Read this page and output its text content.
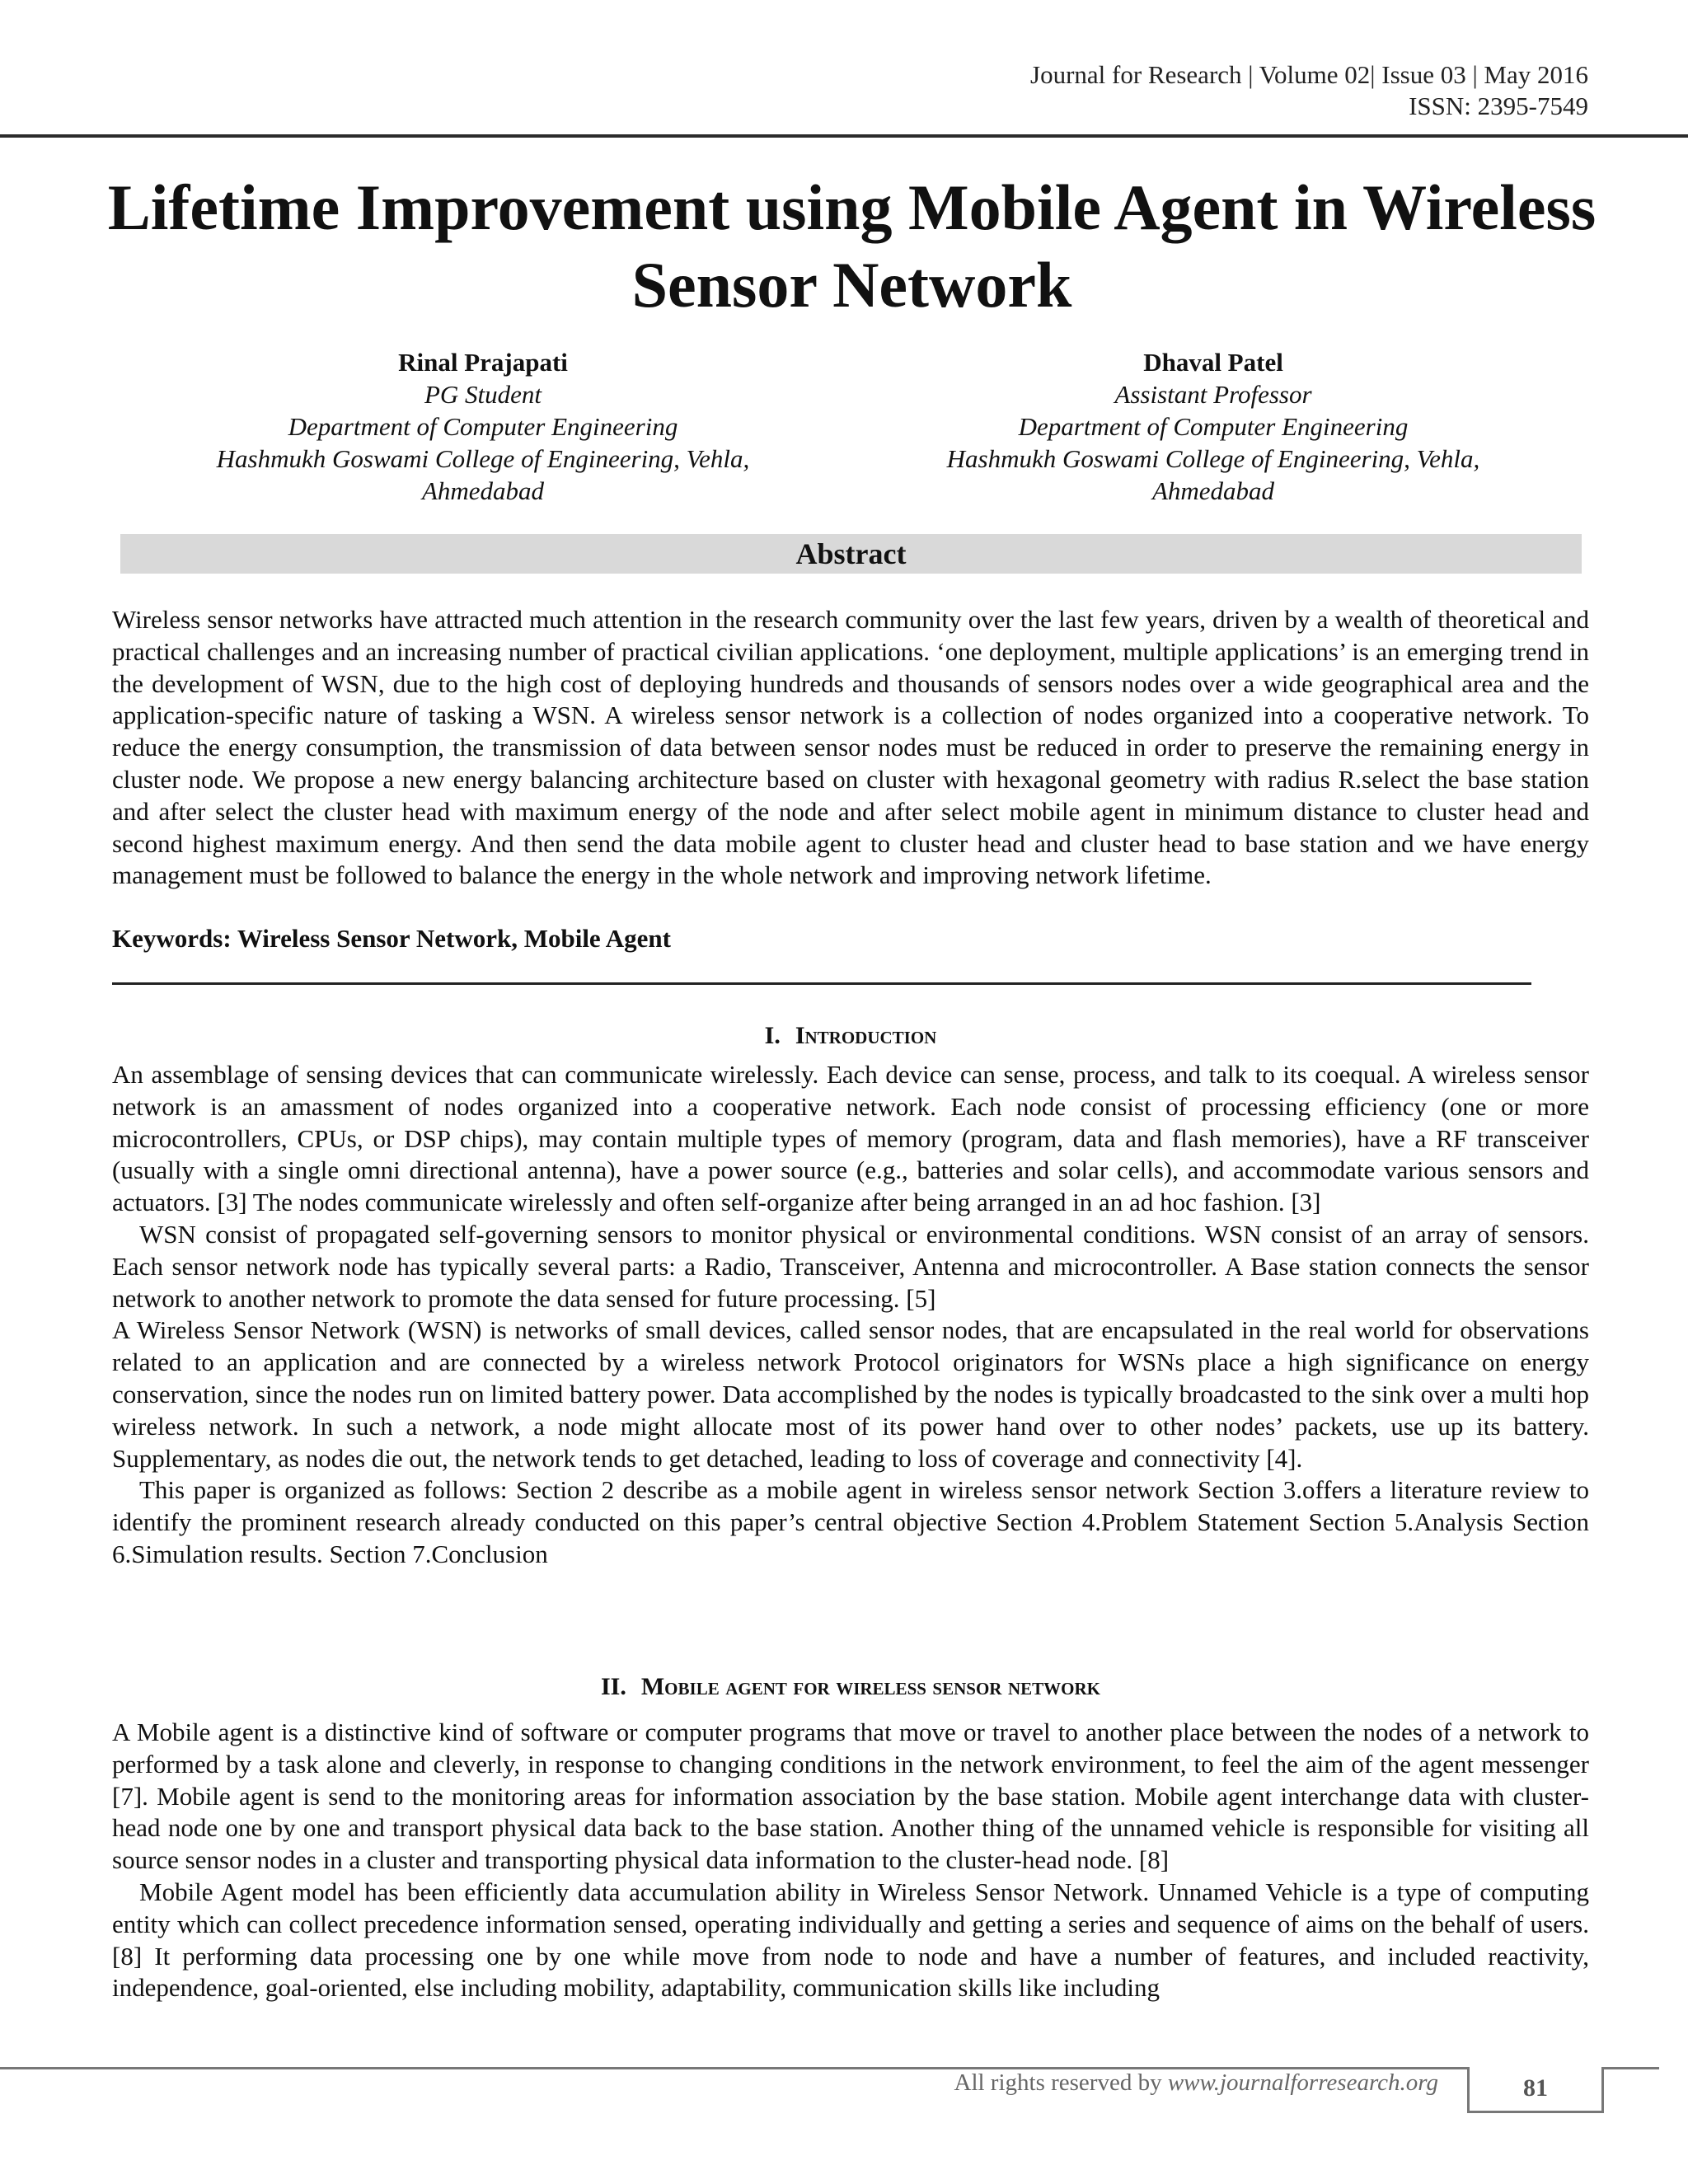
Journal for Research | Volume 02| Issue 03 | May 2016
ISSN: 2395-7549
Lifetime Improvement using Mobile Agent in Wireless Sensor Network
Rinal Prajapati
PG Student
Department of Computer Engineering
Hashmukh Goswami College of Engineering, Vehla,
Ahmedabad
Dhaval Patel
Assistant Professor
Department of Computer Engineering
Hashmukh Goswami College of Engineering, Vehla,
Ahmedabad
Abstract
Wireless sensor networks have attracted much attention in the research community over the last few years, driven by a wealth of theoretical and practical challenges and an increasing number of practical civilian applications. ‘one deployment, multiple applications’ is an emerging trend in the development of WSN, due to the high cost of deploying hundreds and thousands of sensors nodes over a wide geographical area and the application-specific nature of tasking a WSN. A wireless sensor network is a collection of nodes organized into a cooperative network. To reduce the energy consumption, the transmission of data between sensor nodes must be reduced in order to preserve the remaining energy in cluster node. We propose a new energy balancing architecture based on cluster with hexagonal geometry with radius R.select the base station and after select the cluster head with maximum energy of the node and after select mobile agent in minimum distance to cluster head and second highest maximum energy. And then send the data mobile agent to cluster head and cluster head to base station and we have energy management must be followed to balance the energy in the whole network and improving network lifetime.
Keywords: Wireless Sensor Network, Mobile Agent
I. Introduction

An assemblage of sensing devices that can communicate wirelessly. Each device can sense, process, and talk to its coequal. A wireless sensor network is an amassment of nodes organized into a cooperative network. Each node consist of processing efficiency (one or more microcontrollers, CPUs, or DSP chips), may contain multiple types of memory (program, data and flash memories), have a RF transceiver (usually with a single omni directional antenna), have a power source (e.g., batteries and solar cells), and accommodate various sensors and actuators. [3] The nodes communicate wirelessly and often self-organize after being arranged in an ad hoc fashion. [3]

WSN consist of propagated self-governing sensors to monitor physical or environmental conditions. WSN consist of an array of sensors. Each sensor network node has typically several parts: a Radio, Transceiver, Antenna and microcontroller. A Base station connects the sensor network to another network to promote the data sensed for future processing. [5]

A Wireless Sensor Network (WSN) is networks of small devices, called sensor nodes, that are encapsulated in the real world for observations related to an application and are connected by a wireless network Protocol originators for WSNs place a high significance on energy conservation, since the nodes run on limited battery power. Data accomplished by the nodes is typically broadcasted to the sink over a multi hop wireless network. In such a network, a node might allocate most of its power hand over to other nodes’ packets, use up its battery. Supplementary, as nodes die out, the network tends to get detached, leading to loss of coverage and connectivity [4].

This paper is organized as follows: Section 2 describe as a mobile agent in wireless sensor network Section 3.offers a literature review to identify the prominent research already conducted on this paper’s central objective Section 4.Problem Statement Section 5.Analysis Section 6.Simulation results. Section 7.Conclusion

II. Mobile agent for wireless sensor network

A Mobile agent is a distinctive kind of software or computer programs that move or travel to another place between the nodes of a network to performed by a task alone and cleverly, in response to changing conditions in the network environment, to feel the aim of the agent messenger [7]. Mobile agent is send to the monitoring areas for information association by the base station. Mobile agent interchange data with cluster-head node one by one and transport physical data back to the base station. Another thing of the unnamed vehicle is responsible for visiting all source sensor nodes in a cluster and transporting physical data information to the cluster-head node. [8]

Mobile Agent model has been efficiently data accumulation ability in Wireless Sensor Network. Unnamed Vehicle is a type of computing entity which can collect precedence information sensed, operating individually and getting a series and sequence of aims on the behalf of users. [8] It performing data processing one by one while move from node to node and have a number of features, and included reactivity, independence, goal-oriented, else including mobility, adaptability, communication skills like including

All rights reserved by www.journalforresearch.org	81
